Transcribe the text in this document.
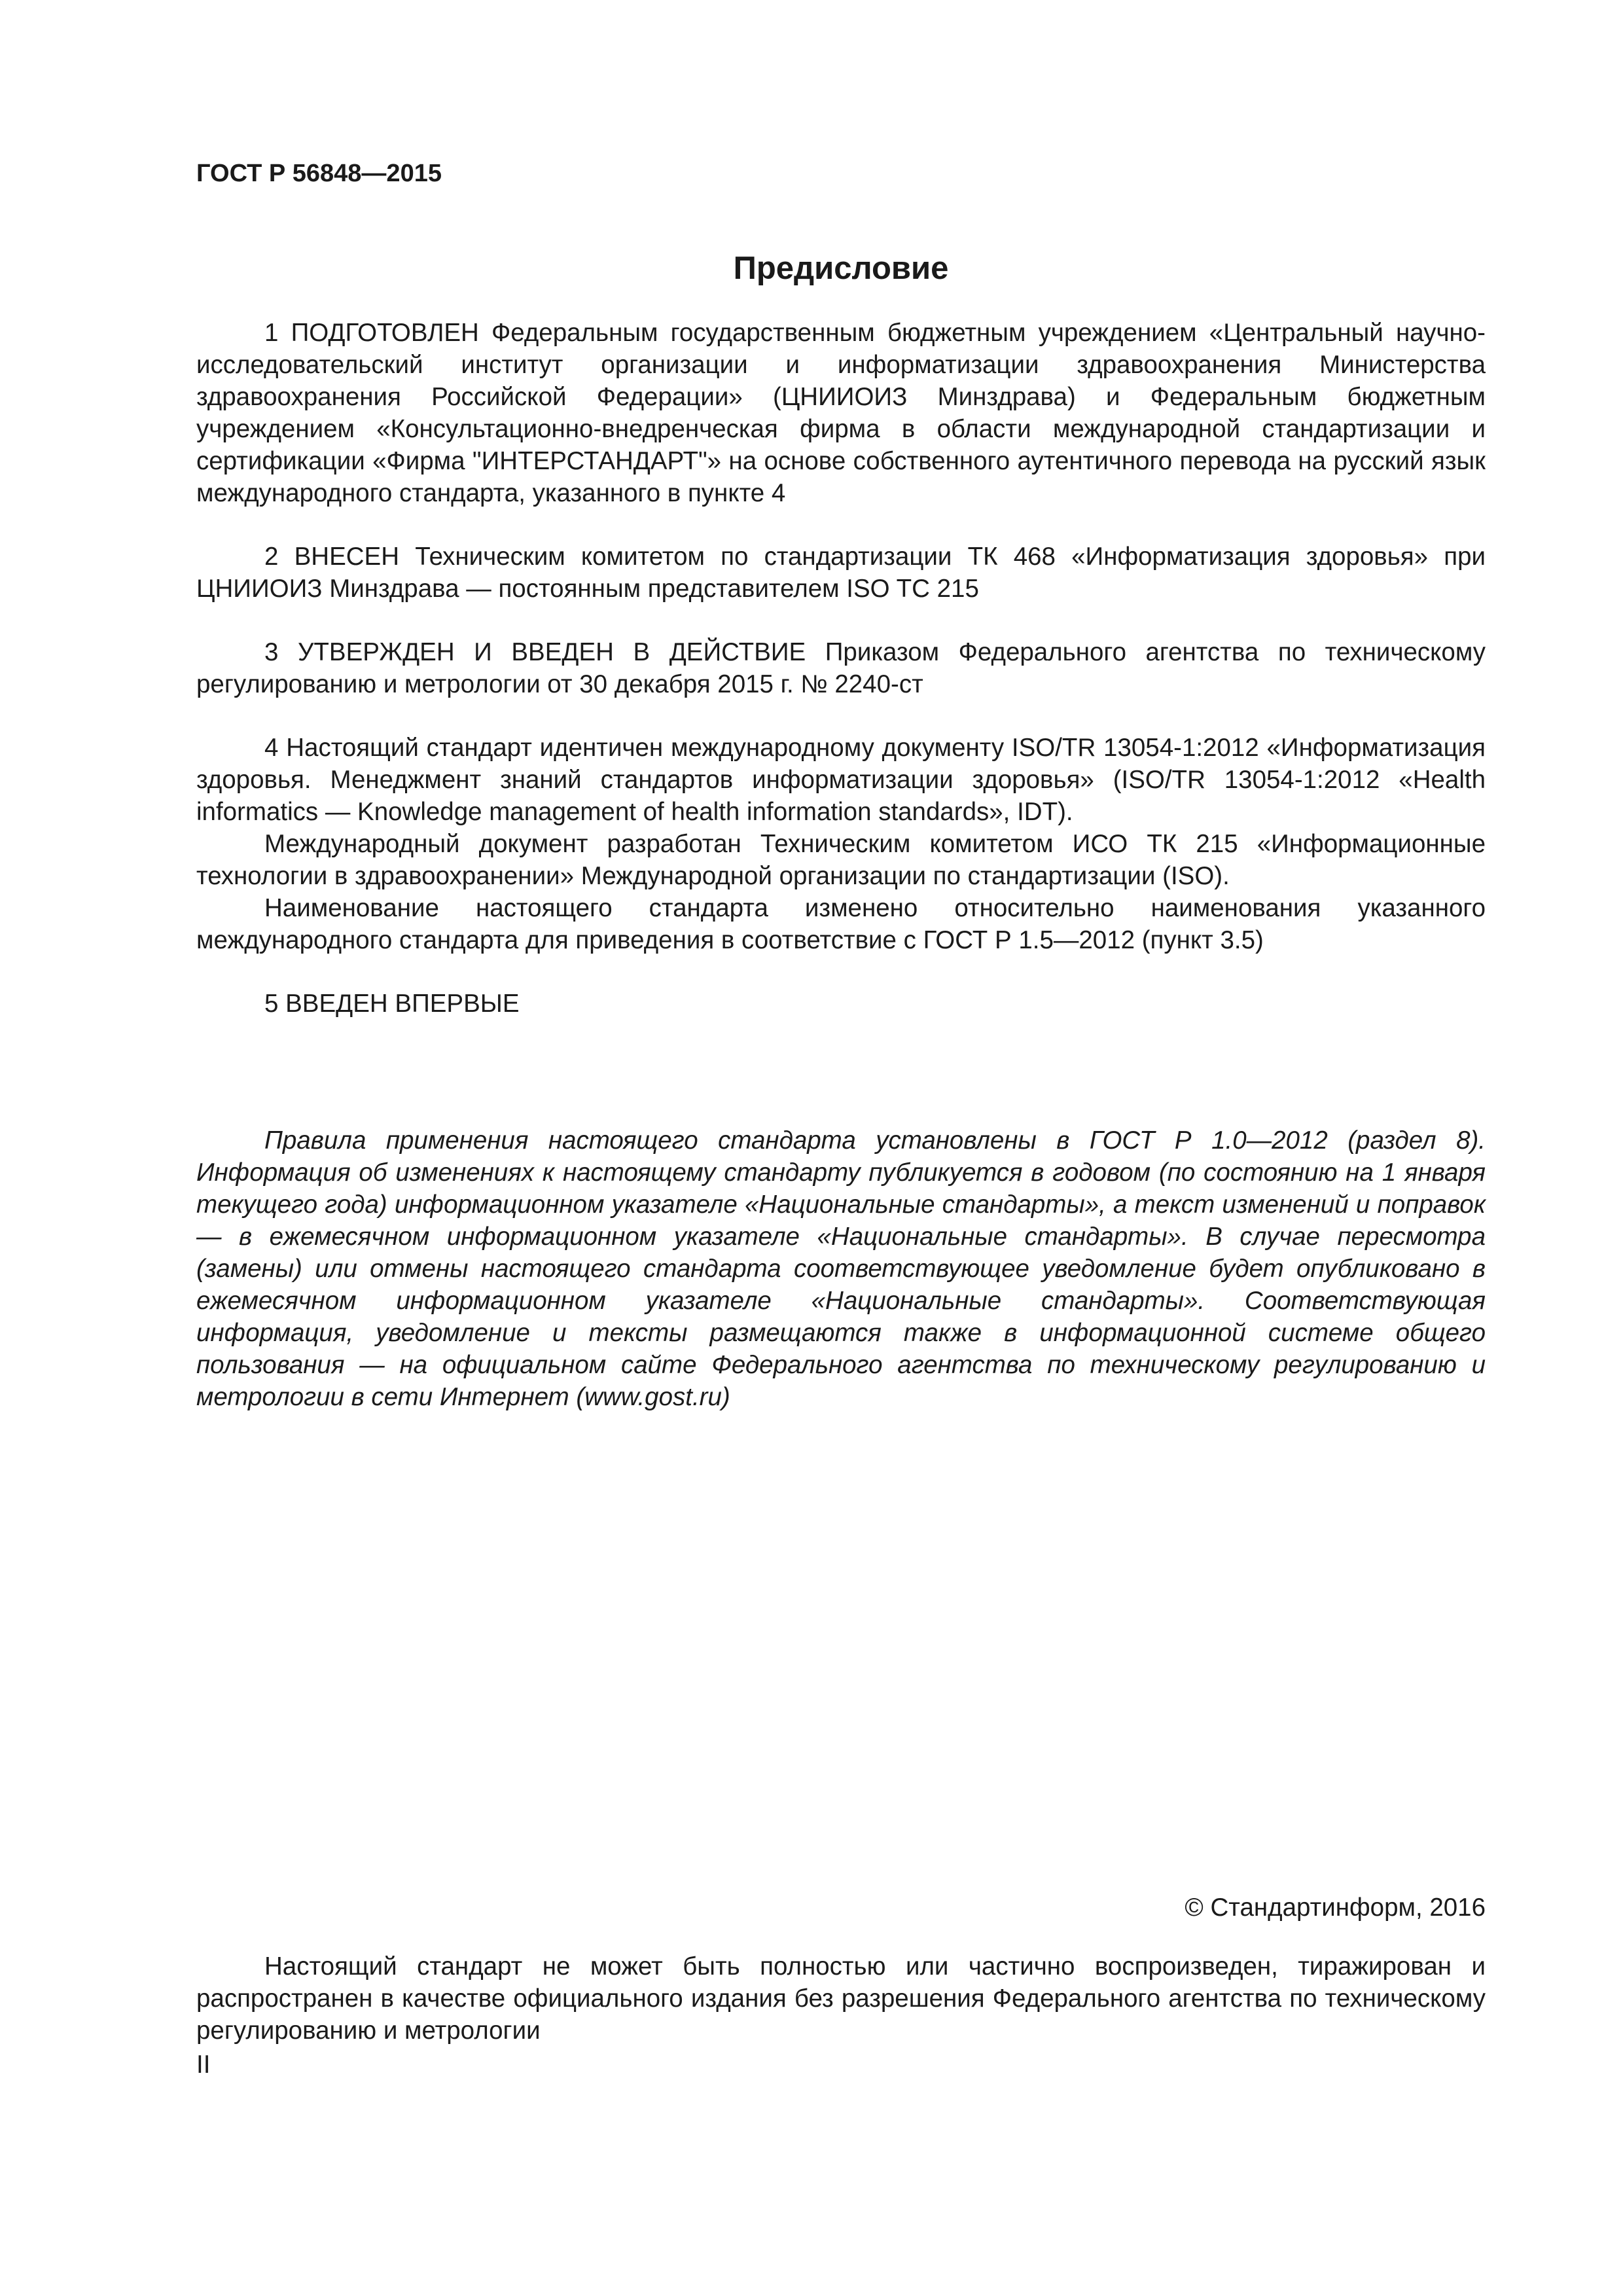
ГОСТ Р 56848—2015

Предисловие

1 ПОДГОТОВЛЕН Федеральным государственным бюджетным учреждением «Центральный научно-исследовательский институт организации и информатизации здравоохранения Министерства здравоохранения Российской Федерации» (ЦНИИОИЗ Минздрава) и Федеральным бюджетным учреждением «Консультационно-внедренческая фирма в области международной стандартизации и сертификации «Фирма "ИНТЕРСТАНДАРТ"» на основе собственного аутентичного перевода на русский язык международного стандарта, указанного в пункте 4

2 ВНЕСЕН Техническим комитетом по стандартизации ТК 468 «Информатизация здоровья» при ЦНИИОИЗ Минздрава — постоянным представителем ISO TC 215

3 УТВЕРЖДЕН И ВВЕДЕН В ДЕЙСТВИЕ Приказом Федерального агентства по техническому регулированию и метрологии от 30 декабря 2015 г. № 2240-ст

4 Настоящий стандарт идентичен международному документу ISO/TR 13054-1:2012 «Информатизация здоровья. Менеджмент знаний стандартов информатизации здоровья» (ISO/TR 13054-1:2012 «Health informatics — Knowledge management of health information standards», IDT).

Международный документ разработан Техническим комитетом ИСО ТК 215 «Информационные технологии в здравоохранении» Международной организации по стандартизации (ISO).

Наименование настоящего стандарта изменено относительно наименования указанного международного стандарта для приведения в соответствие с ГОСТ Р 1.5—2012 (пункт 3.5)

5 ВВЕДЕН ВПЕРВЫЕ

Правила применения настоящего стандарта установлены в ГОСТ Р 1.0—2012 (раздел 8). Информация об изменениях к настоящему стандарту публикуется в годовом (по состоянию на 1 января текущего года) информационном указателе «Национальные стандарты», а текст изменений и поправок — в ежемесячном информационном указателе «Национальные стандарты». В случае пересмотра (замены) или отмены настоящего стандарта соответствующее уведомление будет опубликовано в ежемесячном информационном указателе «Национальные стандарты». Соответствующая информация, уведомление и тексты размещаются также в информационной системе общего пользования — на официальном сайте Федерального агентства по техническому регулированию и метрологии в сети Интернет (www.gost.ru)

© Стандартинформ, 2016

Настоящий стандарт не может быть полностью или частично воспроизведен, тиражирован и распространен в качестве официального издания без разрешения Федерального агентства по техническому регулированию и метрологии

II
